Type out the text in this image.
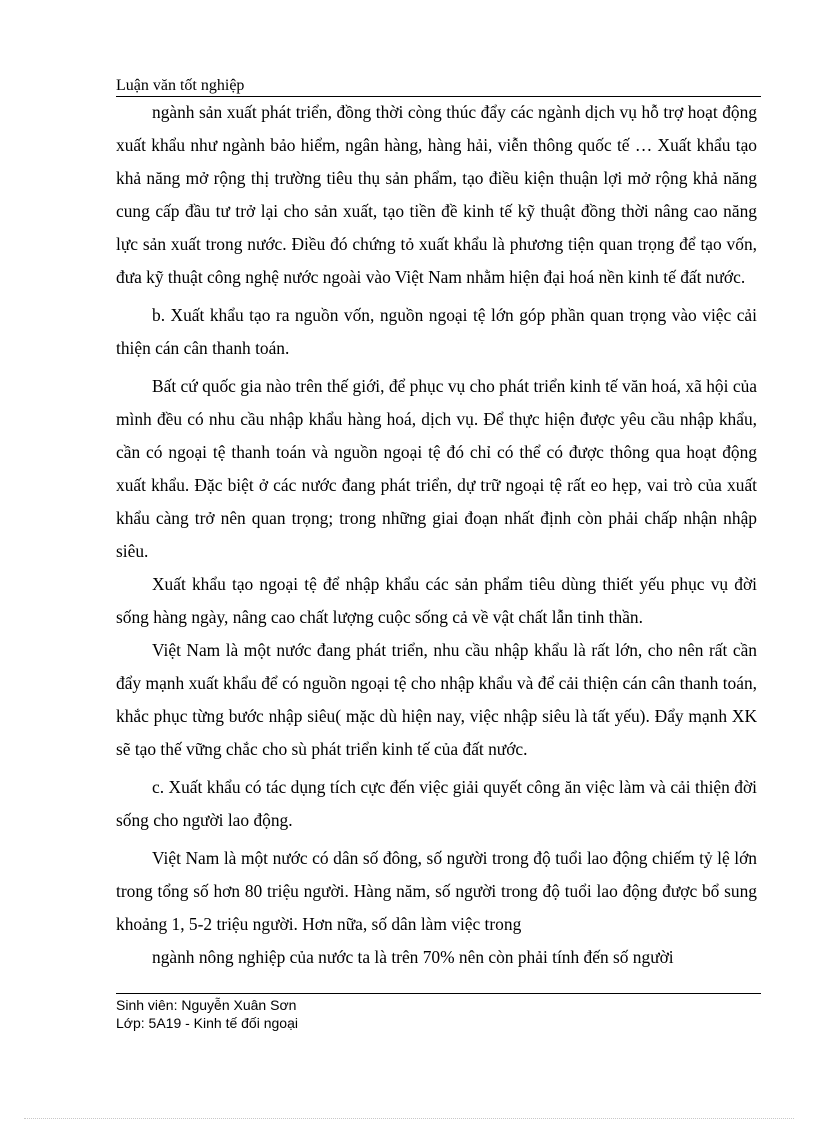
Luận văn tốt nghiệp

ngành sản xuất phát triển, đồng thời còng thúc đẩy các ngành dịch vụ hỗ trợ hoạt động xuất khẩu như ngành bảo hiểm, ngân hàng, hàng hải, viễn thông quốc tế … Xuất khẩu tạo khả năng mở rộng thị trường tiêu thụ sản phẩm, tạo điều kiện thuận lợi mở rộng khả năng cung cấp đầu tư trở lại cho sản xuất, tạo tiền đề kinh tế kỹ thuật đồng thời nâng cao năng lực sản xuất trong nước. Điều đó chứng tỏ xuất khẩu là phương tiện quan trọng để tạo vốn, đưa kỹ thuật công nghệ nước ngoài vào Việt Nam nhằm hiện đại hoá nền kinh tế đất nước.

b. Xuất khẩu tạo ra nguồn vốn, nguồn ngoại tệ lớn góp phần quan trọng vào việc cải thiện cán cân thanh toán.

Bất cứ quốc gia nào trên thế giới, để phục vụ cho phát triển kinh tế văn hoá, xã hội của mình đều có nhu cầu nhập khẩu hàng hoá, dịch vụ. Để thực hiện được yêu cầu nhập khẩu, cần có ngoại tệ thanh toán và nguồn ngoại tệ đó chỉ có thể có được thông qua hoạt động xuất khẩu. Đặc biệt ở các nước đang phát triển, dự trữ ngoại tệ rất eo hẹp, vai trò của xuất khẩu càng trở nên quan trọng; trong những giai đoạn nhất định còn phải chấp nhận nhập siêu.

Xuất khẩu tạo ngoại tệ để nhập khẩu các sản phẩm tiêu dùng thiết yếu phục vụ đời sống hàng ngày, nâng cao chất lượng cuộc sống cả về vật chất lẫn tinh thần.

Việt Nam là một nước đang phát triển, nhu cầu nhập khẩu là rất lớn, cho nên rất cần đẩy mạnh xuất khẩu để có nguồn ngoại tệ cho nhập khẩu và để cải thiện cán cân thanh toán, khắc phục từng bước nhập siêu( mặc dù hiện nay, việc nhập siêu là tất yếu). Đẩy mạnh XK sẽ tạo thế vững chắc cho sù phát triển kinh tế của đất nước.

c. Xuất khẩu có tác dụng tích cực đến việc giải quyết công ăn việc làm và cải thiện đời sống cho người lao động.

Việt Nam là một nước có dân số đông, số người trong độ tuổi lao động chiếm tỷ lệ lớn trong tổng số hơn 80 triệu người. Hàng năm, số người trong độ tuổi lao động được bổ sung khoảng 1, 5-2 triệu người. Hơn nữa, số dân làm việc trong

ngành nông nghiệp của nước ta là trên 70% nên còn phải tính đến số người

Sinh viên: Nguyễn Xuân Sơn
Lớp: 5A19 - Kinh tế đối ngoại
